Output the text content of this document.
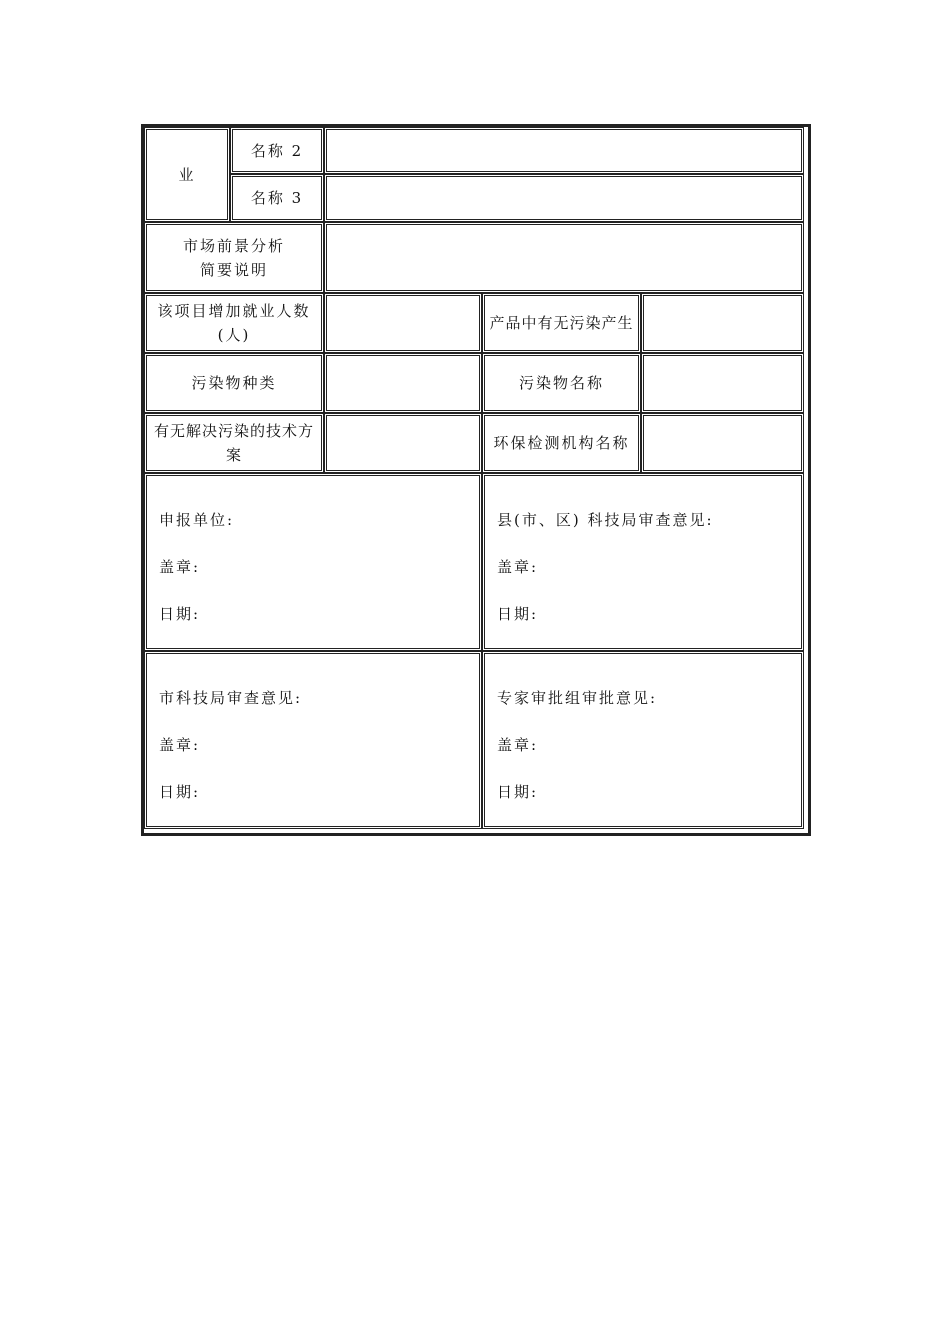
业
名称 2
名称 3
市场前景分析
简要说明
该项目增加就业人数
(人)
产品中有无污染产生
污染物种类	污染物名称
有无解决污染的技术方
案
环保检测机构名称
申报单位:
盖章:
日期:
县(市、区) 科技局审查意见:
盖章:
日期:
市科技局审查意见:
盖章:
日期:
专家审批组审批意见:
盖章:
日期:
